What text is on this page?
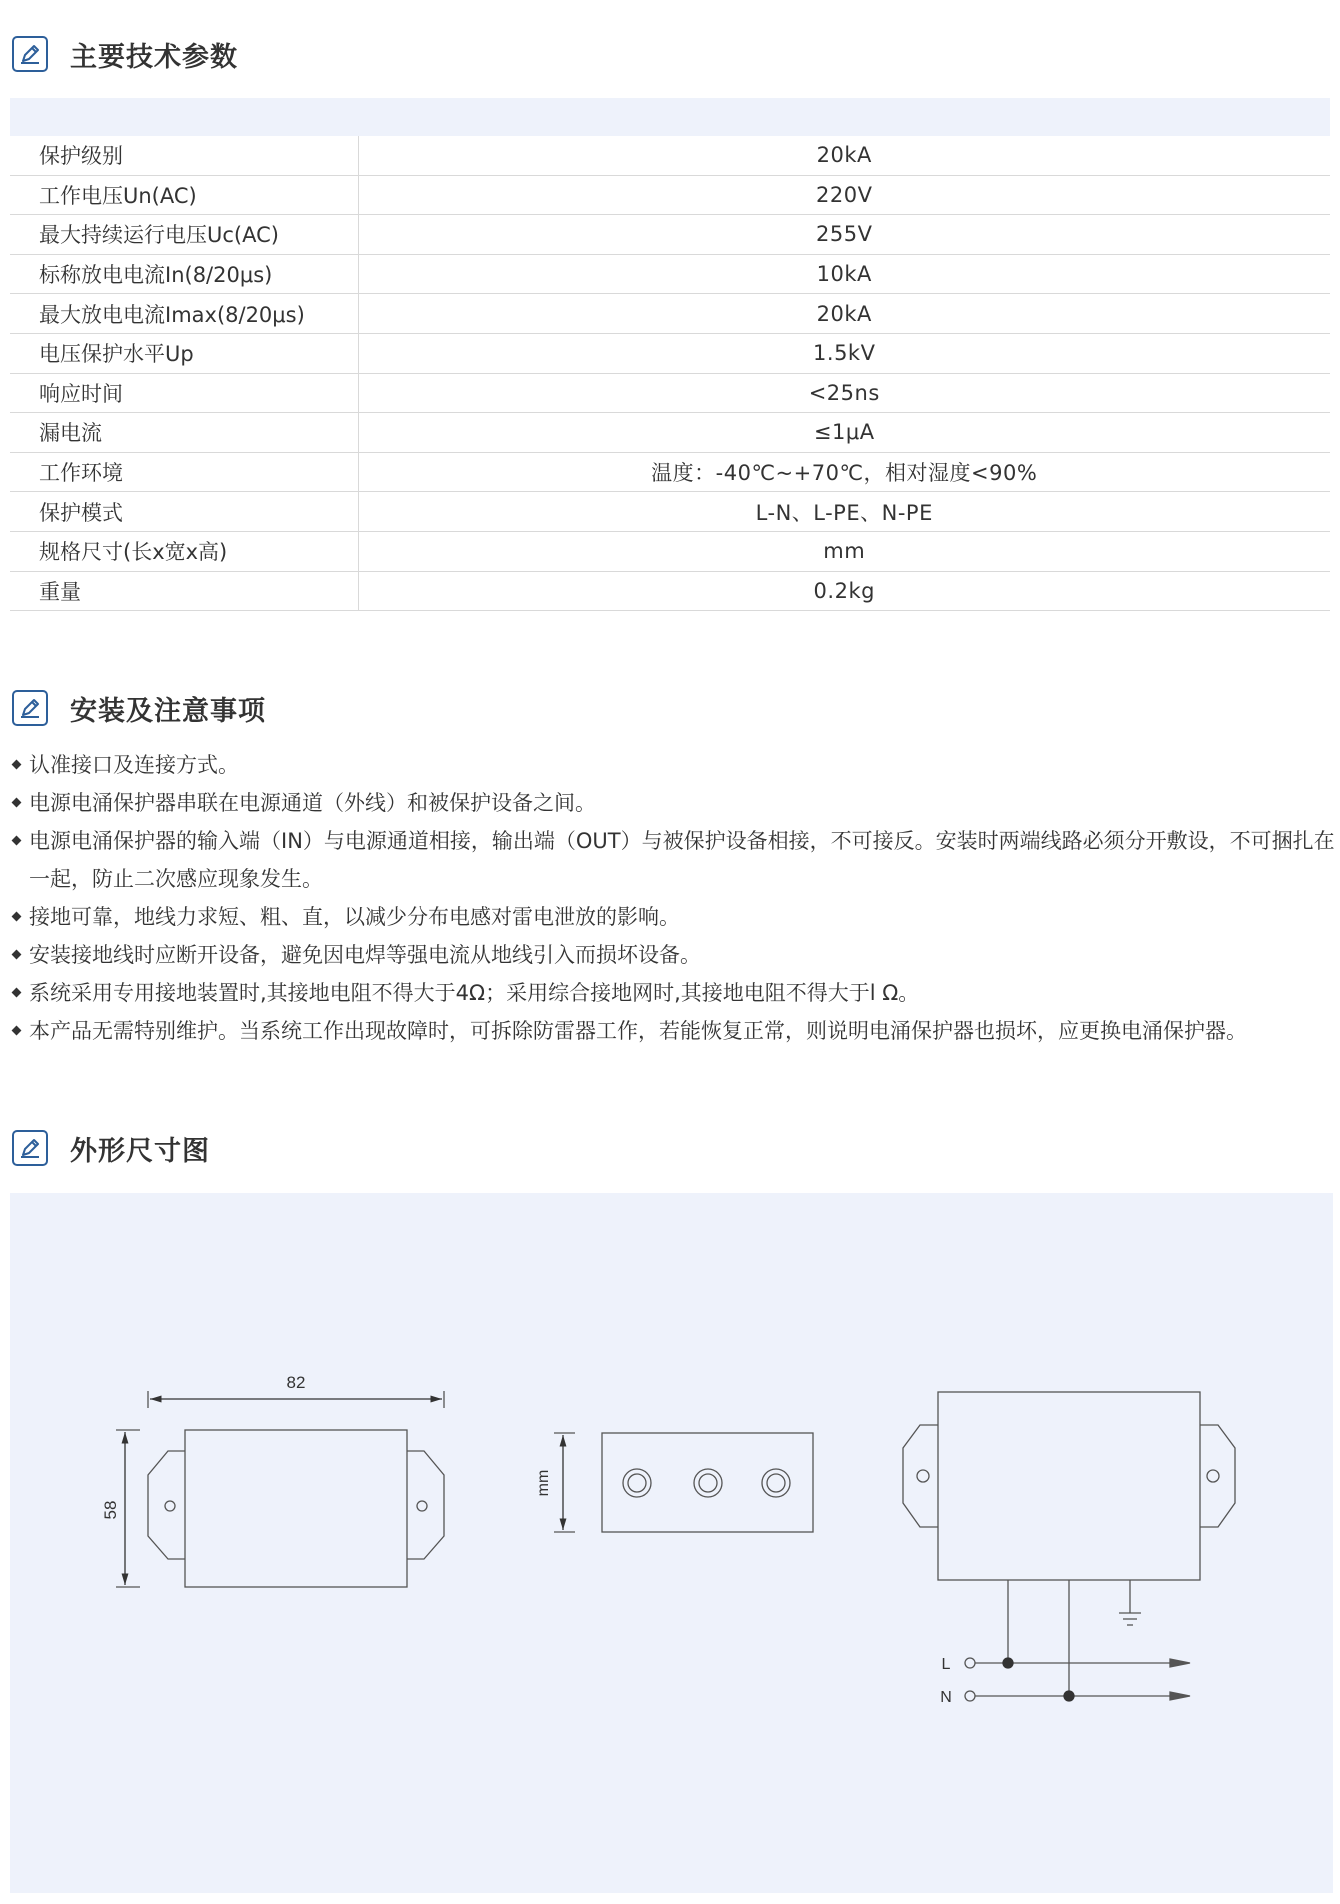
主要技术参数
保护级别	20kA
工作电压Un(AC)	220V
最大持续运行电压Uc(AC)	255V
标称放电电流In(8/20μs)	10kA
最大放电电流Imax(8/20μs)	20kA
电压保护水平Up	1.5kV
响应时间	<25ns
漏电流	≤1μA
工作环境	温度：-40℃~+70℃，相对湿度<90%
保护模式	L-N、L-PE、N-PE
规格尺寸(长x宽x高)	mm
重量	0.2kg
安装及注意事项
认准接口及连接方式。
电源电涌保护器串联在电源通道（外线）和被保护设备之间。
电源电涌保护器的输入端（IN）与电源通道相接，输出端（OUT）与被保护设备相接，不可接反。安装时两端线路必须分开敷设，不可捆扎在一起，防止二次感应现象发生。
接地可靠，地线力求短、粗、直，以减少分布电感对雷电泄放的影响。
安装接地线时应断开设备，避免因电焊等强电流从地线引入而损坏设备。
系统采用专用接地装置时,其接地电阻不得大于4Ω；采用综合接地网时,其接地电阻不得大于l Ω。
本产品无需特别维护。当系统工作出现故障时，可拆除防雷器工作，若能恢复正常，则说明电涌保护器也损坏，应更换电涌保护器。
外形尺寸图
82
58
mm
L
N
